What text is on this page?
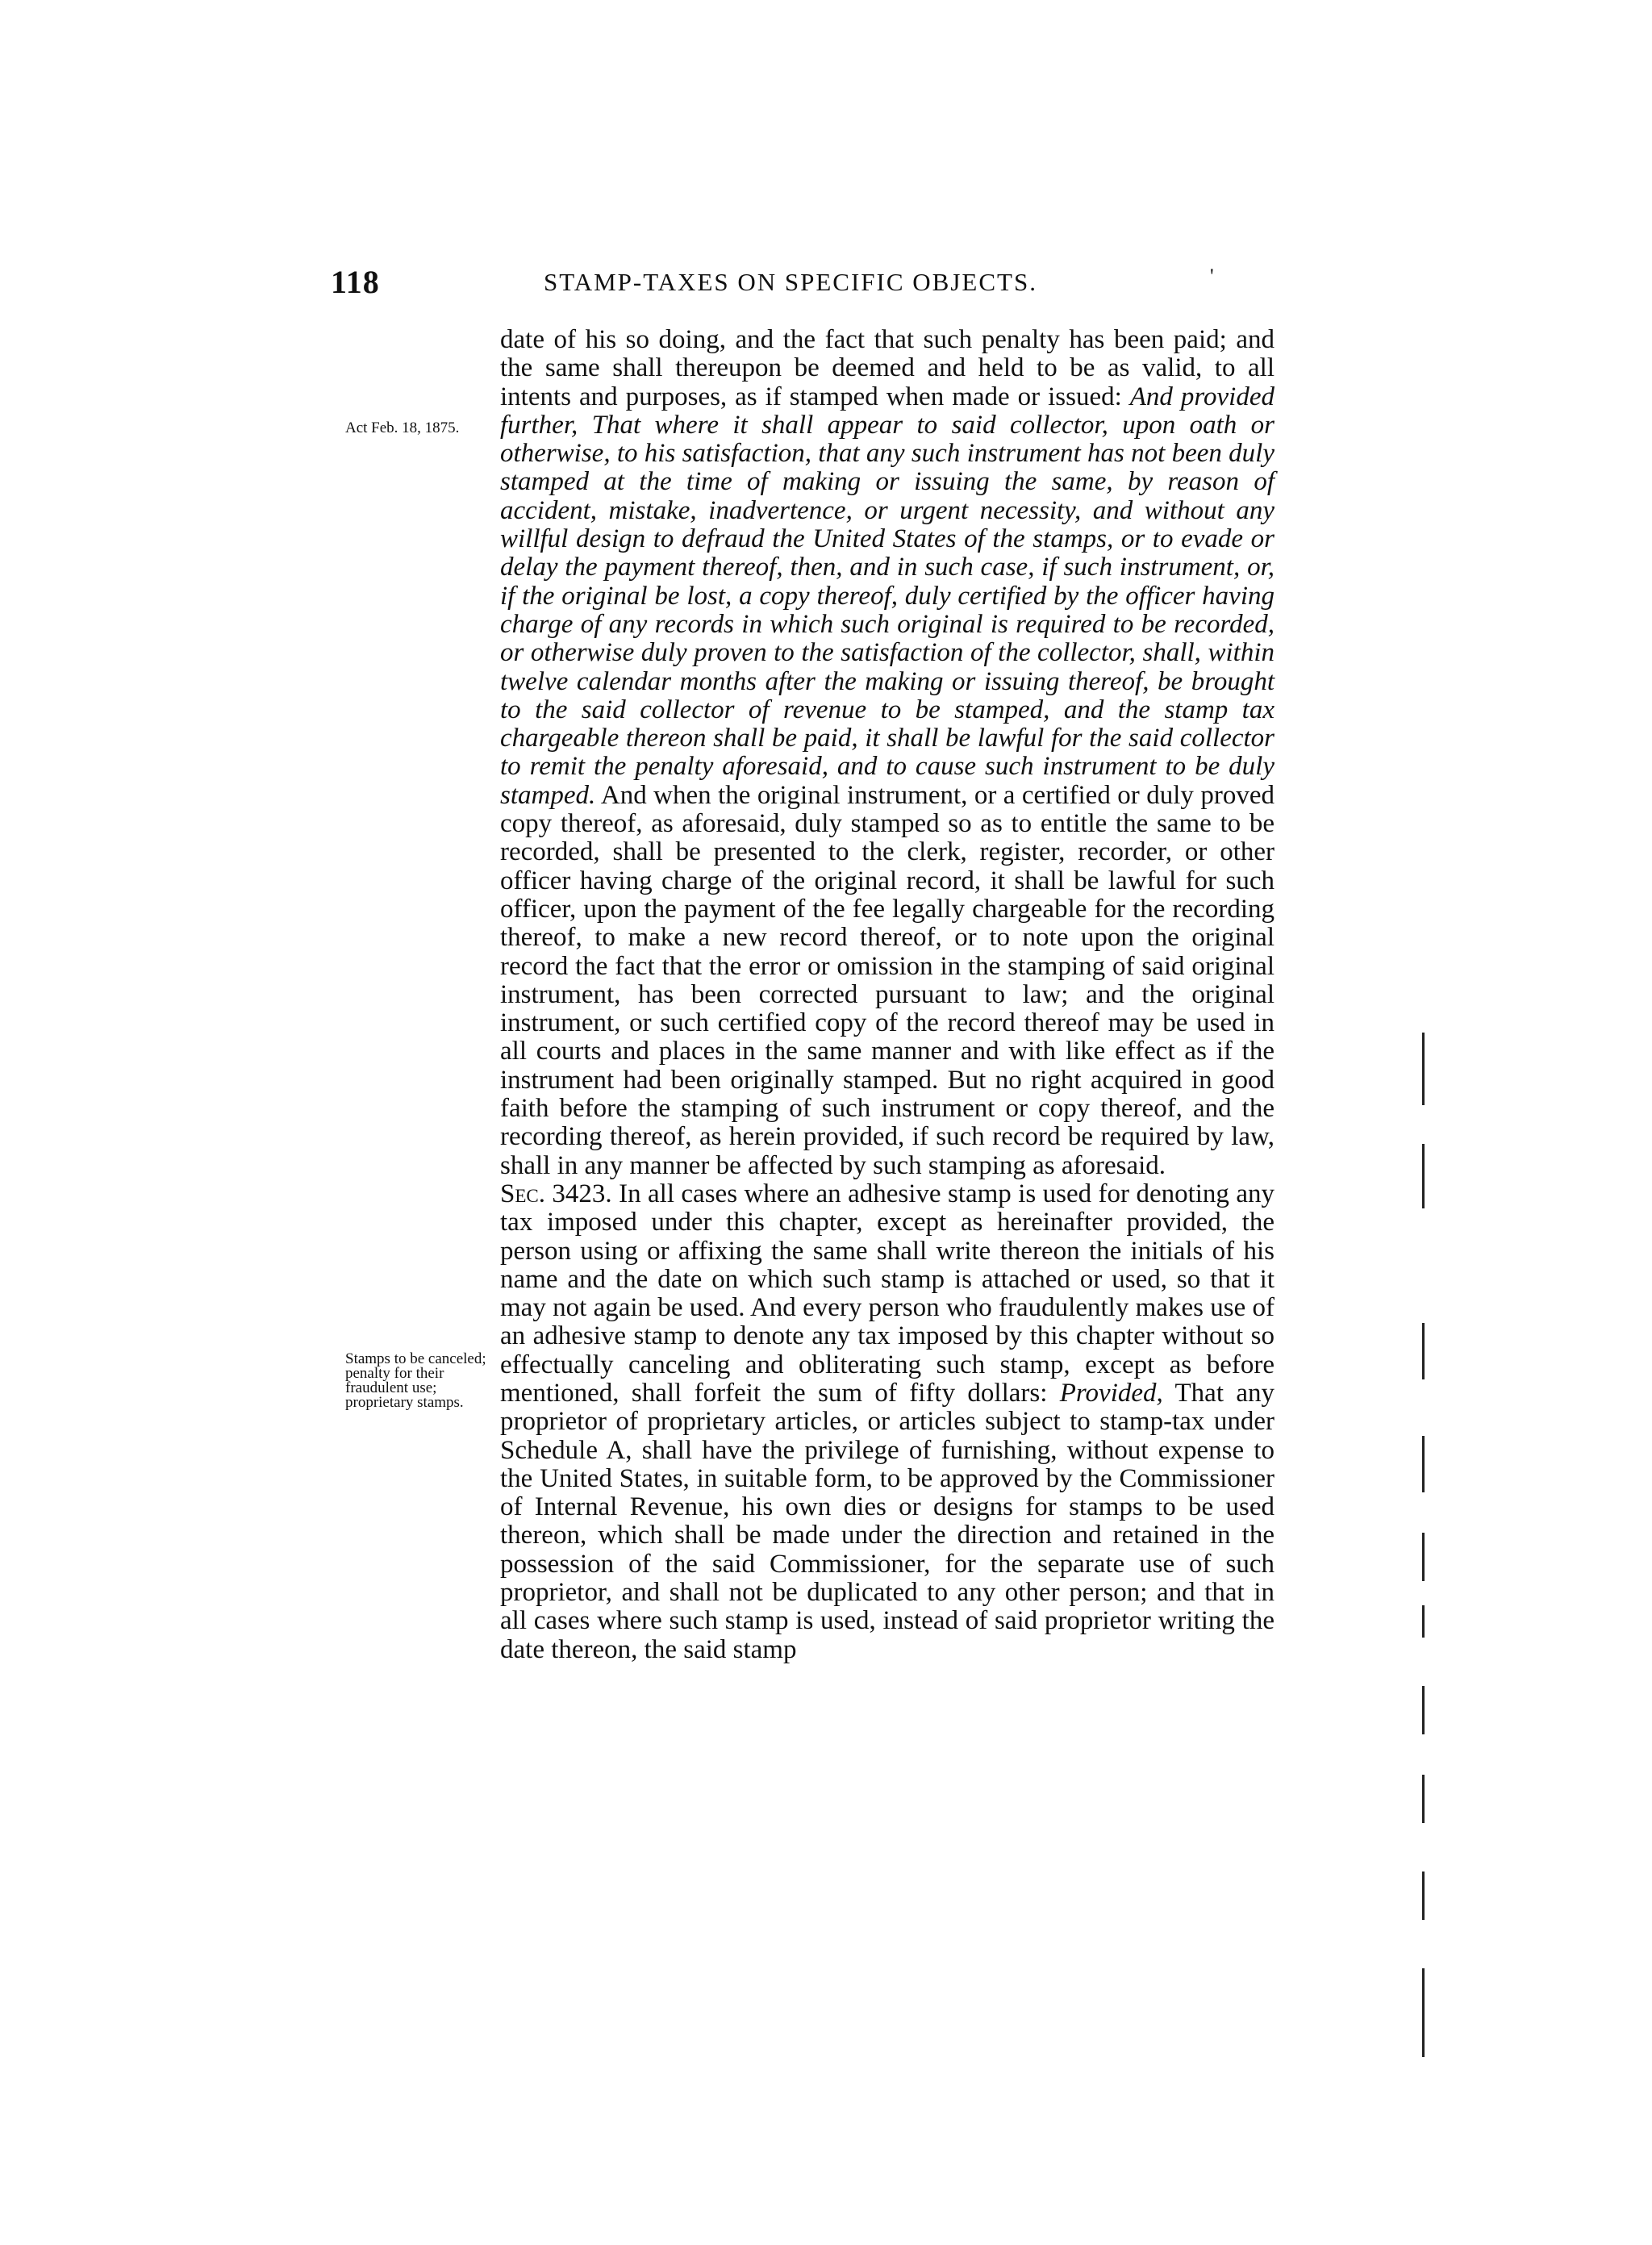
118	STAMP-TAXES ON SPECIFIC OBJECTS.	'
Act Feb. 18, 1875.
Stamps to be canceled; penalty for their fraudulent use; proprietary stamps.

date of his so doing, and the fact that such penalty has been paid; and the same shall thereupon be deemed and held to be as valid, to all intents and purposes, as if stamped when made or issued: And provided further, That where it shall appear to said collector, upon oath or otherwise, to his satisfaction, that any such instrument has not been duly stamped at the time of making or issuing the same, by reason of accident, mistake, inadvertence, or urgent necessity, and without any willful design to defraud the United States of the stamps, or to evade or delay the payment thereof, then, and in such case, if such instrument, or, if the original be lost, a copy thereof, duly certified by the officer having charge of any records in which such original is required to be recorded, or otherwise duly proven to the satisfaction of the collector, shall, within twelve calendar months after the making or issuing thereof, be brought to the said collector of revenue to be stamped, and the stamp tax chargeable thereon shall be paid, it shall be lawful for the said collector to remit the penalty aforesaid, and to cause such instrument to be duly stamped. And when the original instrument, or a certified or duly proved copy thereof, as aforesaid, duly stamped so as to entitle the same to be recorded, shall be presented to the clerk, register, recorder, or other officer having charge of the original record, it shall be lawful for such officer, upon the payment of the fee legally chargeable for the recording thereof, to make a new record thereof, or to note upon the original record the fact that the error or omission in the stamping of said original instrument, has been corrected pursuant to law; and the original instrument, or such certified copy of the record thereof may be used in all courts and places in the same manner and with like effect as if the instrument had been originally stamped. But no right acquired in good faith before the stamping of such instrument or copy thereof, and the recording thereof, as herein provided, if such record be required by law, shall in any manner be affected by such stamping as aforesaid.

Sec. 3423. In all cases where an adhesive stamp is used for denoting any tax imposed under this chapter, except as hereinafter provided, the person using or affixing the same shall write thereon the initials of his name and the date on which such stamp is attached or used, so that it may not again be used. And every person who fraudulently makes use of an adhesive stamp to denote any tax imposed by this chapter without so effectually canceling and obliterating such stamp, except as before mentioned, shall forfeit the sum of fifty dollars: Provided, That any proprietor of proprietary articles, or articles subject to stamp-tax under Schedule A, shall have the privilege of furnishing, without expense to the United States, in suitable form, to be approved by the Commissioner of Internal Revenue, his own dies or designs for stamps to be used thereon, which shall be made under the direction and retained in the possession of the said Commissioner, for the separate use of such proprietor, and shall not be duplicated to any other person; and that in all cases where such stamp is used, instead of said proprietor writing the date thereon, the said stamp
